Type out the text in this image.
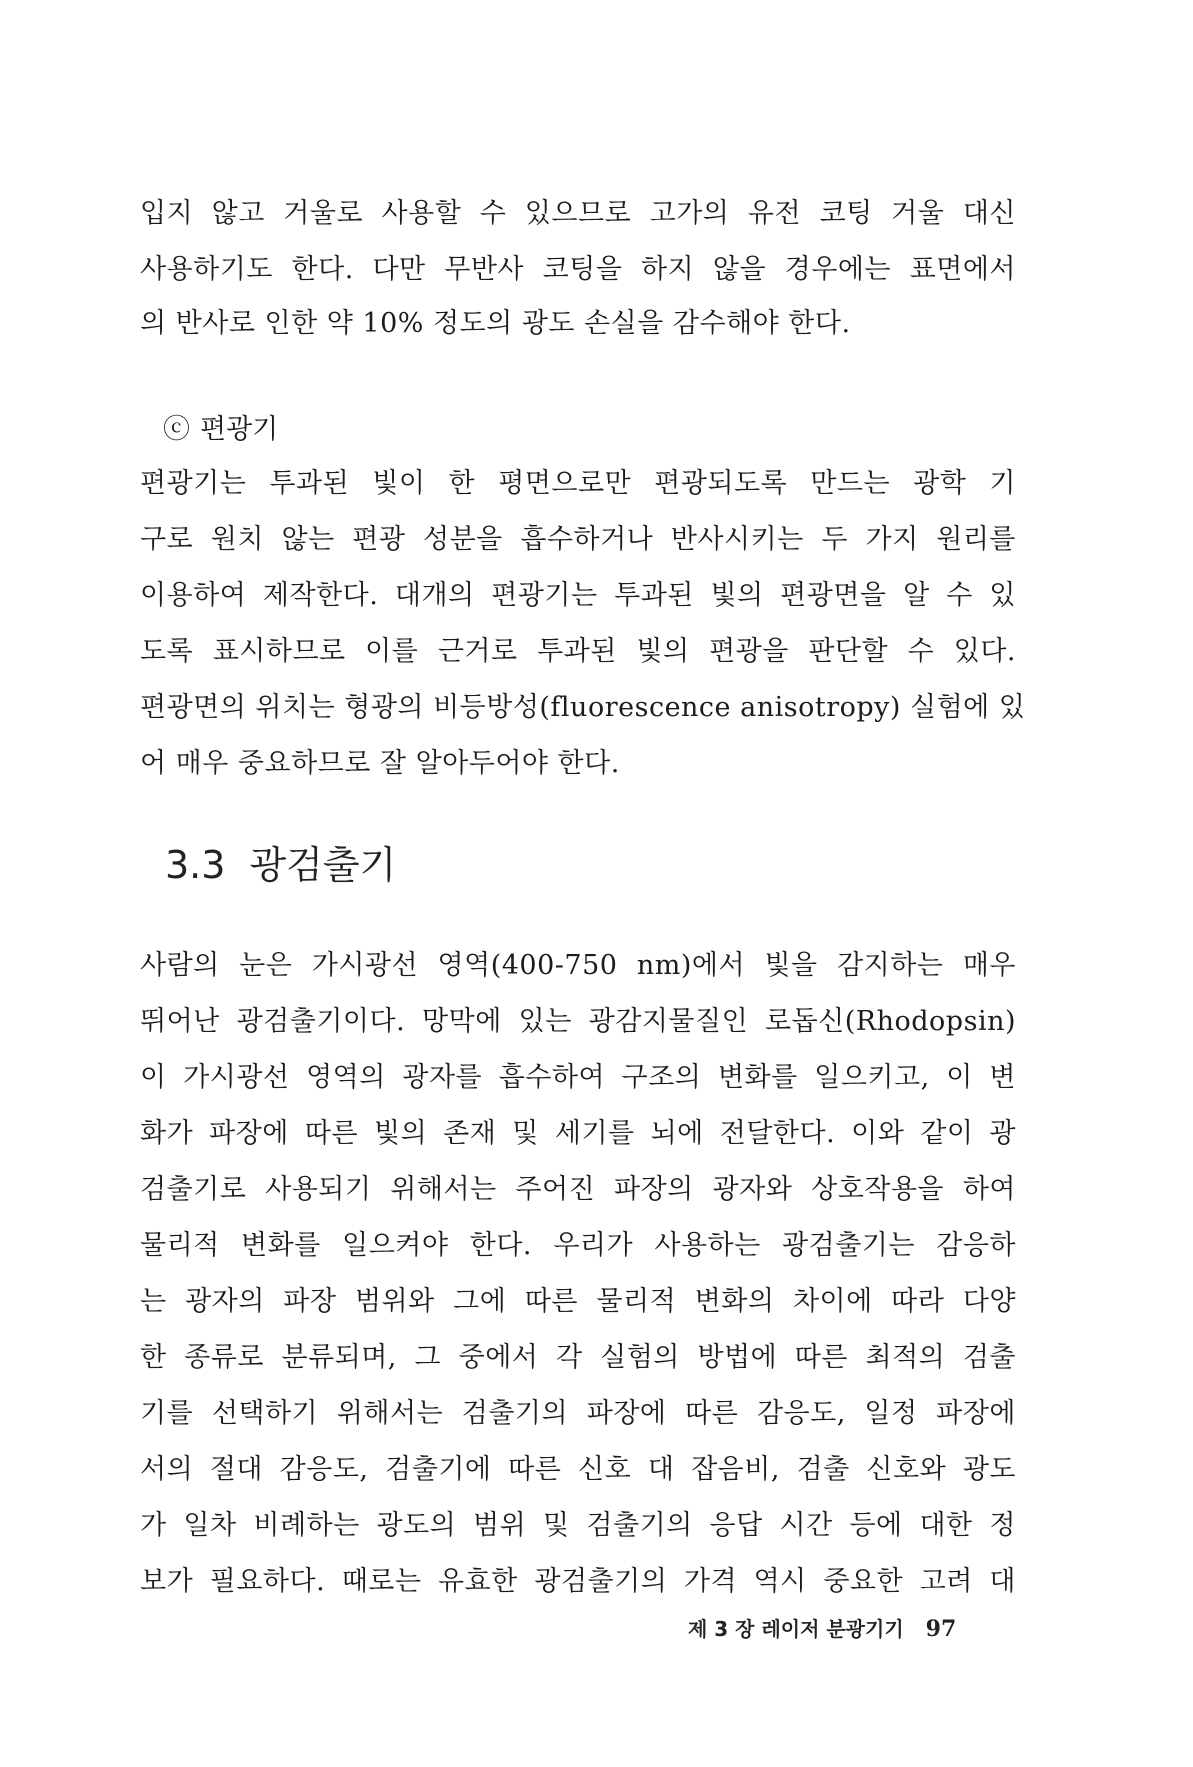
입지 않고 거울로 사용할 수 있으므로 고가의 유전 코팅 거울 대신
사용하기도 한다. 다만 무반사 코팅을 하지 않을 경우에는 표면에서
의 반사로 인한 약 10% 정도의 광도 손실을 감수해야 한다.
ⓒ 편광기
편광기는 투과된 빛이 한 평면으로만 편광되도록 만드는 광학 기
구로 원치 않는 편광 성분을 흡수하거나 반사시키는 두 가지 원리를
이용하여 제작한다. 대개의 편광기는 투과된 빛의 편광면을 알 수 있
도록 표시하므로 이를 근거로 투과된 빛의 편광을 판단할 수 있다.
편광면의 위치는 형광의 비등방성(fluorescence anisotropy) 실험에 있
어 매우 중요하므로 잘 알아두어야 한다.
3.3 광검출기
사람의 눈은 가시광선 영역(400-750 nm)에서 빛을 감지하는 매우
뛰어난 광검출기이다. 망막에 있는 광감지물질인 로돕신(Rhodopsin)
이 가시광선 영역의 광자를 흡수하여 구조의 변화를 일으키고, 이 변
화가 파장에 따른 빛의 존재 및 세기를 뇌에 전달한다. 이와 같이 광
검출기로 사용되기 위해서는 주어진 파장의 광자와 상호작용을 하여
물리적 변화를 일으켜야 한다. 우리가 사용하는 광검출기는 감응하
는 광자의 파장 범위와 그에 따른 물리적 변화의 차이에 따라 다양
한 종류로 분류되며, 그 중에서 각 실험의 방법에 따른 최적의 검출
기를 선택하기 위해서는 검출기의 파장에 따른 감응도, 일정 파장에
서의 절대 감응도, 검출기에 따른 신호 대 잡음비, 검출 신호와 광도
가 일차 비례하는 광도의 범위 및 검출기의 응답 시간 등에 대한 정
보가 필요하다. 때로는 유효한 광검출기의 가격 역시 중요한 고려 대
제 3 장 레이저 분광기기 97
